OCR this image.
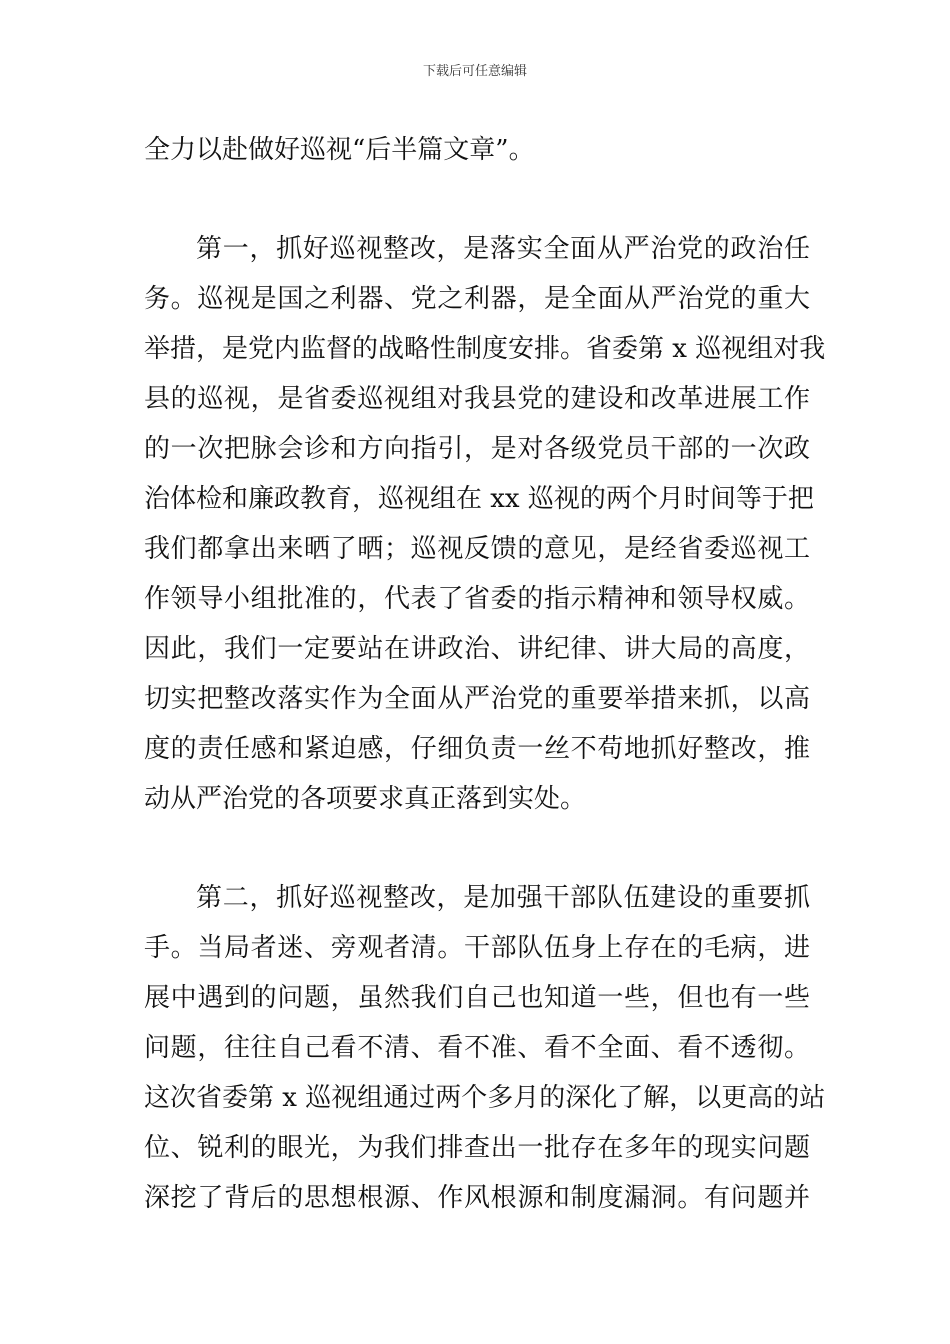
下载后可任意编辑
全力以赴做好巡视“后半篇文章”。
第一，抓好巡视整改，是落实全面从严治党的政治任
务。巡视是国之利器、党之利器，是全面从严治党的重大
举措，是党内监督的战略性制度安排。省委第 x 巡视组对我
县的巡视，是省委巡视组对我县党的建设和改革进展工作
的一次把脉会诊和方向指引，是对各级党员干部的一次政
治体检和廉政教育，巡视组在 xx 巡视的两个月时间等于把
我们都拿出来晒了晒；巡视反馈的意见，是经省委巡视工
作领导小组批准的，代表了省委的指示精神和领导权威。
因此，我们一定要站在讲政治、讲纪律、讲大局的高度，
切实把整改落实作为全面从严治党的重要举措来抓，以高
度的责任感和紧迫感，仔细负责一丝不苟地抓好整改，推
动从严治党的各项要求真正落到实处。
第二，抓好巡视整改，是加强干部队伍建设的重要抓
手。当局者迷、旁观者清。干部队伍身上存在的毛病，进
展中遇到的问题，虽然我们自己也知道一些，但也有一些
问题，往往自己看不清、看不准、看不全面、看不透彻。
这次省委第 x 巡视组通过两个多月的深化了解，以更高的站
位、锐利的眼光，为我们排查出一批存在多年的现实问题
深挖了背后的思想根源、作风根源和制度漏洞。有问题并
